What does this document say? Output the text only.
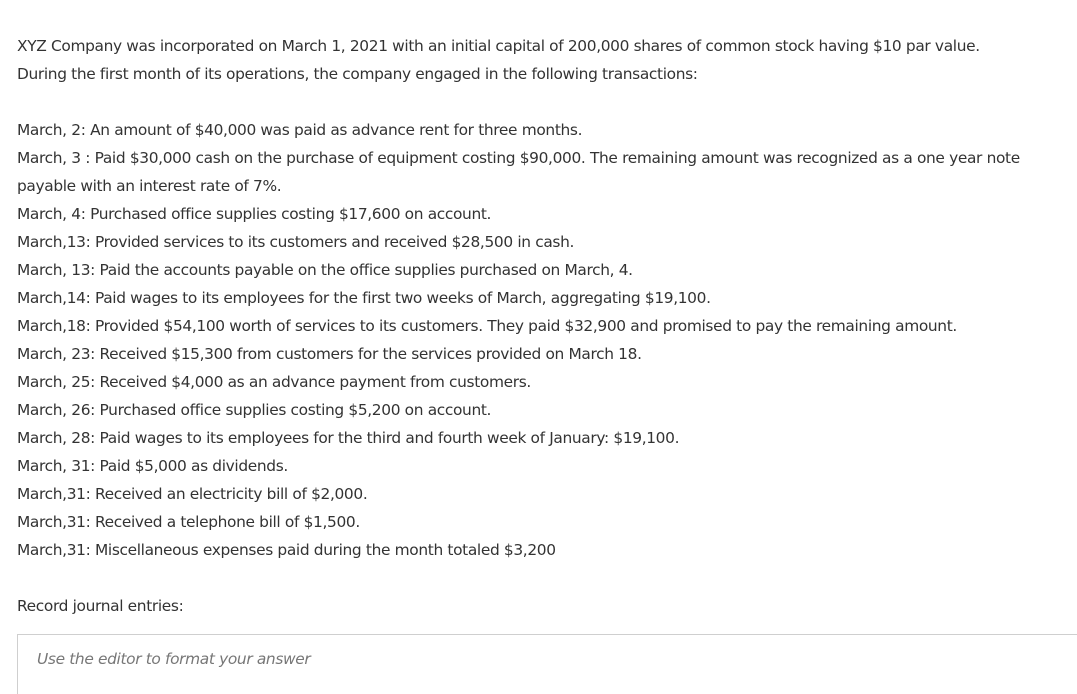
XYZ Company was incorporated on March 1, 2021 with an initial capital of 200,000 shares of common stock having $10 par value.
During the first month of its operations, the company engaged in the following transactions:
March, 2: An amount of $40,000 was paid as advance rent for three months.
March, 3 : Paid $30,000 cash on the purchase of equipment costing $90,000. The remaining amount was recognized as a one year note payable with an interest rate of 7%.
March, 4: Purchased office supplies costing $17,600 on account.
March,13: Provided services to its customers and received $28,500 in cash.
March, 13: Paid the accounts payable on the office supplies purchased on March, 4.
March,14: Paid wages to its employees for the first two weeks of March, aggregating $19,100.
March,18: Provided $54,100 worth of services to its customers. They paid $32,900 and promised to pay the remaining amount.
March, 23: Received $15,300 from customers for the services provided on March 18.
March, 25: Received $4,000 as an advance payment from customers.
March, 26: Purchased office supplies costing $5,200 on account.
March, 28: Paid wages to its employees for the third and fourth week of January: $19,100.
March, 31: Paid $5,000 as dividends.
March,31: Received an electricity bill of $2,000.
March,31: Received a telephone bill of $1,500.
March,31: Miscellaneous expenses paid during the month totaled $3,200
Record journal entries:
Use the editor to format your answer
